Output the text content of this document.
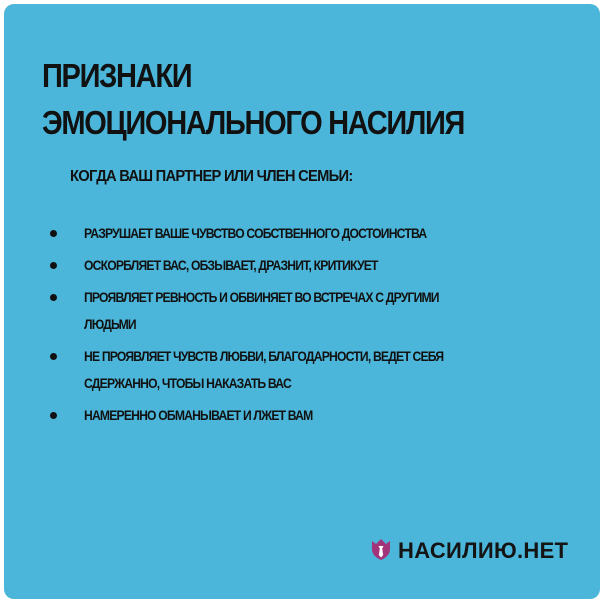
ПРИЗНАКИ
ЭМОЦИОНАЛЬНОГО НАСИЛИЯ

КОГДА ВАШ ПАРТНЕР ИЛИ ЧЛЕН СЕМЬИ:

РАЗРУШАЕТ ВАШЕ ЧУВСТВО СОБСТВЕННОГО ДОСТОИНСТВА
ОСКОРБЛЯЕТ ВАС, ОБЗЫВАЕТ, ДРАЗНИТ, КРИТИКУЕТ
ПРОЯВЛЯЕТ РЕВНОСТЬ И ОБВИНЯЕТ ВО ВСТРЕЧАХ С ДРУГИМИ
ЛЮДЬМИ
НЕ ПРОЯВЛЯЕТ ЧУВСТВ ЛЮБВИ, БЛАГОДАРНОСТИ, ВЕДЕТ СЕБЯ
СДЕРЖАННО, ЧТОБЫ НАКАЗАТЬ ВАС
НАМЕРЕННО ОБМАНЫВАЕТ И ЛЖЕТ ВАМ
НАСИЛИЮ.НЕТ
